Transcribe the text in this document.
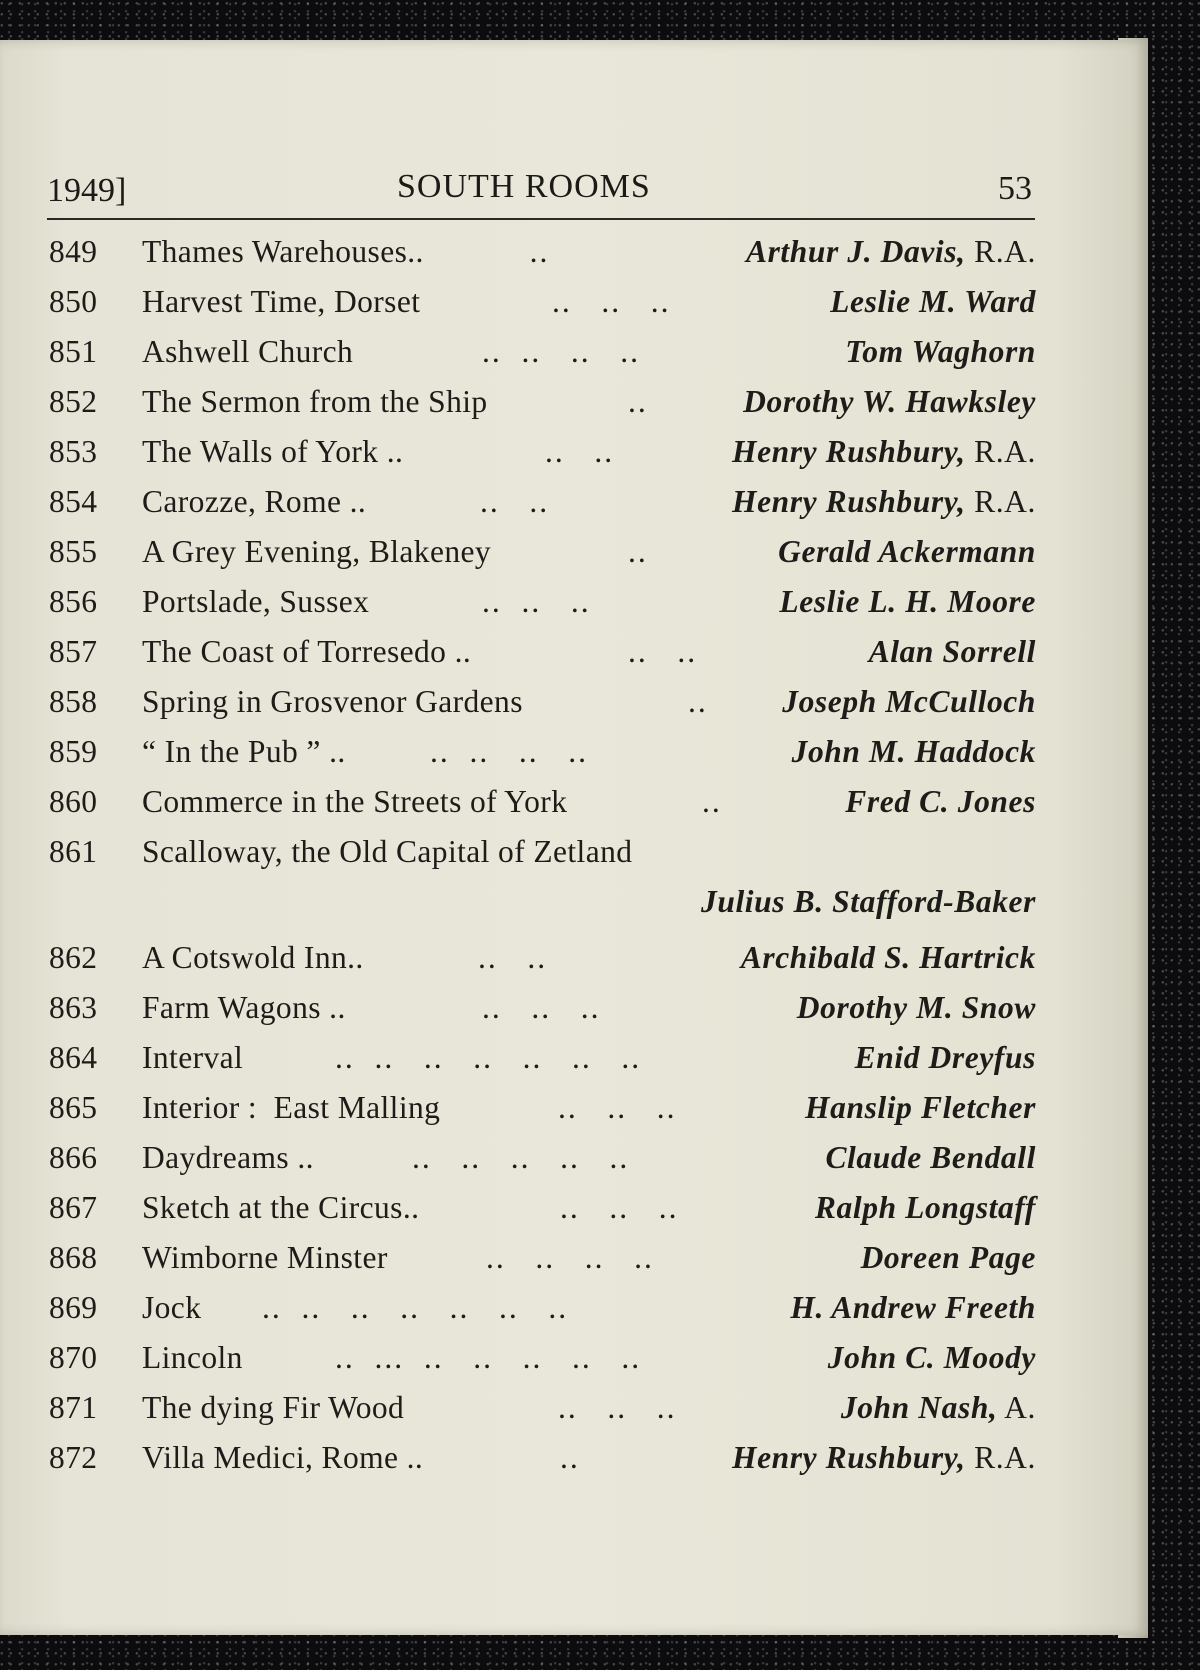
1949]	SOUTH ROOMS	53
849 Thames Warehouses.. ..	Arthur J. Davis, R.A.
850 Harvest Time, Dorset	..   ..   ..	Leslie M. Ward
851 Ashwell Church	..  ..   ..   ..	Tom Waghorn
852 The Sermon from the Ship	..	Dorothy W. Hawksley
853 The Walls of York ..	..   ..	Henry Rushbury, R.A.
854 Carozze, Rome ..	..   ..	Henry Rushbury, R.A.
855 A Grey Evening, Blakeney	..	Gerald Ackermann
856 Portslade, Sussex	..  ..   ..	Leslie L. H. Moore
857 The Coast of Torresedo ..	..   ..	Alan Sorrell
858 Spring in Grosvenor Gardens	.. Joseph McCulloch
859 “ In the Pub ” ..	..  ..   ..   ..	John M. Haddock
860 Commerce in the Streets of York	..	Fred C. Jones
861 Scalloway, the Old Capital of Zetland
Julius B. Stafford-Baker
862 A Cotswold Inn..	..   ..	Archibald S. Hartrick
863 Farm Wagons ..	..   ..   ..	Dorothy M. Snow
864 Interval	..  ..   ..   ..   ..   ..   ..	Enid Dreyfus
865 Interior :  East Malling	..   ..   ..	Hanslip Fletcher
866 Daydreams ..	..   ..   ..   ..   ..	Claude Bendall
867 Sketch at the Circus..	..   ..   ..	Ralph Longstaff
868 Wimborne Minster	..   ..   ..   ..	Doreen Page
869 Jock ..  ..   ..   ..   ..   ..   ..	H. Andrew Freeth
870 Lincoln	..  ...  ..   ..   ..   ..   ..	John C. Moody
871 The dying Fir Wood	..   ..   ..	John Nash, A.
872 Villa Medici, Rome ..	..	Henry Rushbury, R.A.
